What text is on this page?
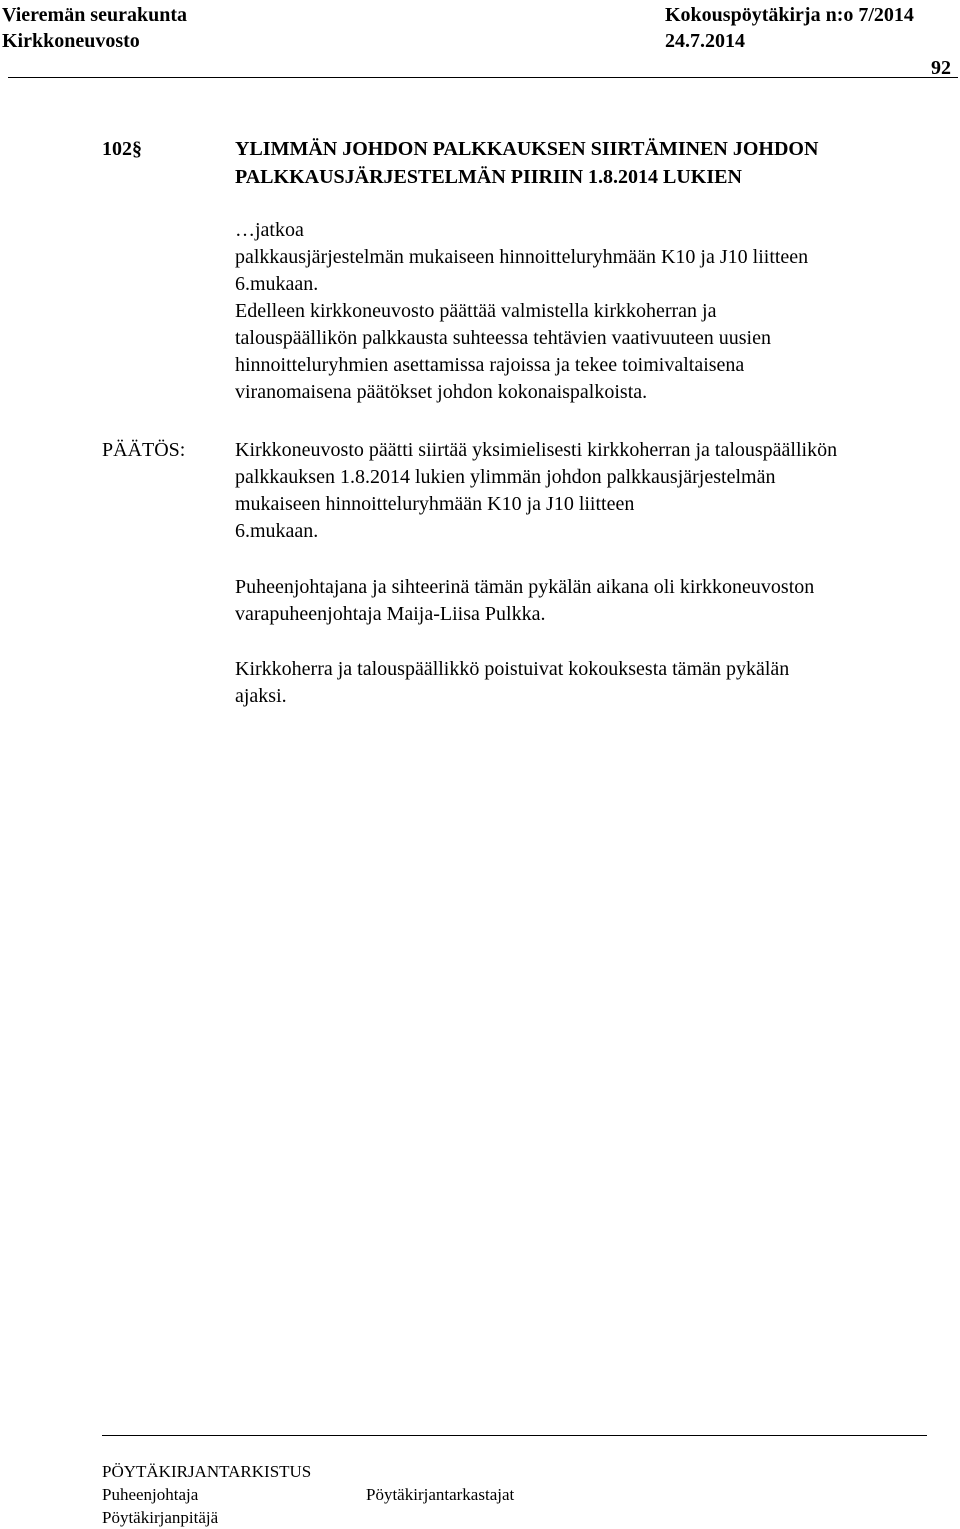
Vieremän seurakunta	Kokouspöytäkirja n:o 7/2014
Kirkkoneuvosto	24.7.2014
92
102§	YLIMMÄN JOHDON PALKKAUKSEN SIIRTÄMINEN JOHDON
PALKKAUSJÄRJESTELMÄN PIIRIIN 1.8.2014 LUKIEN
…jatkoa
palkkausjärjestelmän mukaiseen hinnoitteluryhmään K10 ja J10 liitteen
6.mukaan.
Edelleen kirkkoneuvosto päättää valmistella kirkkoherran ja
talouspäällikön palkkausta suhteessa tehtävien vaativuuteen uusien
hinnoitteluryhmien asettamissa rajoissa ja tekee toimivaltaisena
viranomaisena päätökset johdon kokonaispalkoista.
PÄÄTÖS: Kirkkoneuvosto päätti siirtää yksimielisesti kirkkoherran ja talouspäällikön
palkkauksen 1.8.2014 lukien ylimmän johdon palkkausjärjestelmän
mukaiseen hinnoitteluryhmään K10 ja J10 liitteen
6.mukaan.
Puheenjohtajana ja sihteerinä tämän pykälän aikana oli kirkkoneuvoston
varapuheenjohtaja Maija-Liisa Pulkka.
Kirkkoherra ja talouspäällikkö poistuivat kokouksesta tämän pykälän
ajaksi.
PÖYTÄKIRJANTARKISTUS
Puheenjohtaja	Pöytäkirjantarkastajat
Pöytäkirjanpitäjä
